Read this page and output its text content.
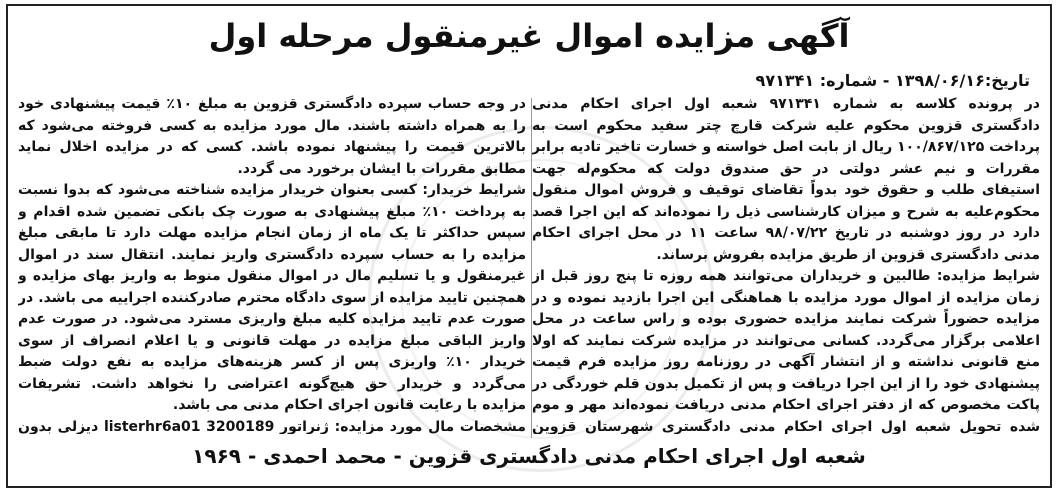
آگهی مزایده اموال غیرمنقول مرحله اول
تاریخ:۱۳۹۸/۰۶/۱۶ - شماره: ۹۷۱۳۴۱

در پرونده کلاسه به شماره ۹۷۱۳۴۱ شعبه اول اجرای احکام مدنی دادگستری قزوین محکوم علیه شرکت قارچ چتر سفید محکوم است به پرداخت ۱۰۰/۸۶۷/۱۲۵ ریال از بابت اصل خواسته و خسارت تاخیر تادیه برابر مقررات و نیم عشر دولتی در حق صندوق دولت که محکوم‌له جهت استیفای طلب و حقوق خود بدواً تقاضای توقیف و فروش اموال منقول محکوم‌علیه به شرح و میزان کارشناسی ذیل را نموده‌اند که این اجرا قصد دارد در روز دوشنبه در تاریخ ۹۸/۰۷/۲۲ ساعت ۱۱ در محل اجرای احکام مدنی دادگستری قزوین از طریق مزایده بفروش برساند.

شرایط مزایده: طالبین و خریداران می‌توانند همه روزه تا پنج روز قبل از زمان مزایده از اموال مورد مزایده با هماهنگی این اجرا بازدید نموده و در مزایده حضوراً شرکت نمایند مزایده حضوری بوده و راس ساعت در محل اعلامی برگزار می‌گردد. کسانی می‌توانند در مزایده شرکت نمایند که اولا منع قانونی نداشته و از انتشار آگهی در روزنامه روز مزایده فرم قیمت پیشنهادی خود را از این اجرا دریافت و پس از تکمیل بدون قلم خوردگی در پاکت مخصوص که از دفتر اجرای احکام مدنی دریافت نموده‌اند مهر و موم شده تحویل شعبه اول اجرای احکام مدنی دادگستری شهرستان قزوین

در وجه حساب سپرده دادگستری قزوین به مبلغ ۱۰٪ قیمت پیشنهادی خود را به همراه داشته باشند. مال مورد مزایده به کسی فروخته می‌شود که بالاترین قیمت را پیشنهاد نموده باشد. کسی که در مزایده اخلال نماید مطابق مقررات با ایشان برخورد می گردد.

شرایط خریدار: کسی بعنوان خریدار مزایده شناخته می‌شود که بدوا نسبت به پرداخت ۱۰٪ مبلغ پیشنهادی به صورت چک بانکی تضمین شده اقدام و سپس حداکثر تا یک ماه از زمان انجام مزایده مهلت دارد تا مابقی مبلغ مزایده را به حساب سپرده دادگستری واریز نمایند. انتقال سند در اموال غیرمنقول و یا تسلیم مال در اموال منقول منوط به واریز بهای مزایده و همچنین تایید مزایده از سوی دادگاه محترم صادرکننده اجراییه می باشد. در صورت عدم تایید مزایده کلیه مبلغ واریزی مسترد می‌شود. در صورت عدم واریز الباقی مبلغ مزایده در مهلت قانونی و یا اعلام انصراف از سوی خریدار ۱۰٪ واریزی پس از کسر هزینه‌های مزایده به نفع دولت ضبط می‌گردد و خریدار حق هیچ‌گونه اعتراضی را نخواهد داشت. تشریفات مزایده با رعایت قانون اجرای احکام مدنی می باشد.

مشخصات مال مورد مزایده: ژنراتور listerhr6a01 3200189 دیزلی بدون

شعبه اول اجرای احکام مدنی دادگستری قزوین - محمد احمدی - ۱۹۶۹
